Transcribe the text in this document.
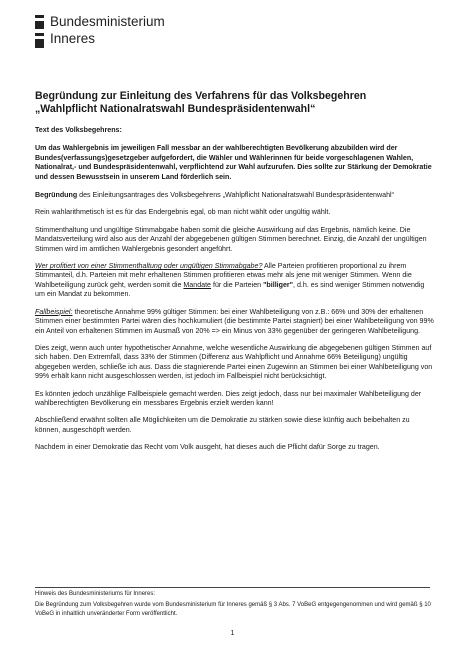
Bundesministerium
Inneres
Begründung zur Einleitung des Verfahrens für das Volksbegehren
„Wahlpflicht Nationalratswahl Bundespräsidentenwahl“
Text des Volksbegehrens:
Um das Wahlergebnis im jeweiligen Fall messbar an der wahlberechtigten Bevölkerung abzubilden wird der Bundes(verfassungs)gesetzgeber aufgefordert, die Wähler und Wählerinnen für beide vorgeschlagenen Wahlen, Nationalrat,- und Bundespräsidentenwahl, verpflichtend zur Wahl aufzurufen. Dies sollte zur Stärkung der Demokratie und dessen Bewusstsein in unserem Land förderlich sein.

Begründung des Einleitungsantrages des Volksbegehrens „Wahlpflicht Nationalratswahl Bundespräsidentenwahl“

Rein wahlarithmetisch ist es für das Endergebnis egal, ob man nicht wählt oder ungültig wählt.

Stimmenthaltung und ungültige Stimmabgabe haben somit die gleiche Auswirkung auf das Ergebnis, nämlich keine. Die Mandatsverteilung wird also aus der Anzahl der abgegebenen gültigen Stimmen berechnet. Einzig, die Anzahl der ungültigen Stimmen wird im amtlichen Wahlergebnis gesondert angeführt.

Wer profitiert von einer Stimmenthaltung oder ungültigen Stimmabgabe? Alle Parteien profitieren proportional zu ihrem Stimmanteil, d.h. Parteien mit mehr erhaltenen Stimmen profitieren etwas mehr als jene mit weniger Stimmen. Wenn die Wahlbeteiligung zurück geht, werden somit die Mandate für die Parteien "billiger", d.h. es sind weniger Stimmen notwendig um ein Mandat zu bekommen.

Fallbeispiel: theoretische Annahme 99% gültiger Stimmen: bei einer Wahlbeteiligung von z.B.: 66% und 30% der erhaltenen Stimmen einer bestimmten Partei wären dies hochkumuliert (die bestimmte Partei stagniert) bei einer Wahlbeteiligung von 99% ein Anteil von erhaltenen Stimmen im Ausmaß von 20% => ein Minus von 33% gegenüber der geringeren Wahlbeteiligung.

Dies zeigt, wenn auch unter hypothetischer Annahme, welche wesentliche Auswirkung die abgegebenen gültigen Stimmen auf sich haben. Den Extremfall, dass 33% der Stimmen (Differenz aus Wahlpflicht und Annahme 66% Beteiligung) ungültig abgegeben werden, schließe ich aus. Dass die stagnierende Partei einen Zugewinn an Stimmen bei einer Wahlbeteiligung von 99% erhält kann nicht ausgeschlossen werden, ist jedoch im Fallbeispiel nicht berücksichtigt.

Es könnten jedoch unzählige Fallbeispiele gemacht werden. Dies zeigt jedoch, dass nur bei maximaler Wahlbeteiligung der wahlberechtigten Bevölkerung ein messbares Ergebnis erzielt werden kann!

Abschließend erwähnt sollten alle Möglichkeiten um die Demokratie zu stärken sowie diese künftig auch beibehalten zu können, ausgeschöpft werden.

Nachdem in einer Demokratie das Recht vom Volk ausgeht, hat dieses auch die Pflicht dafür Sorge zu tragen.

Hinweis des Bundesministeriums für Inneres:
Die Begründung zum Volksbegehren wurde vom Bundesministerium für Inneres gemäß § 3 Abs. 7 VoBeG entgegengenommen und wird gemäß § 10 VoBeG in inhaltlich unveränderter Form veröffentlicht.
1
